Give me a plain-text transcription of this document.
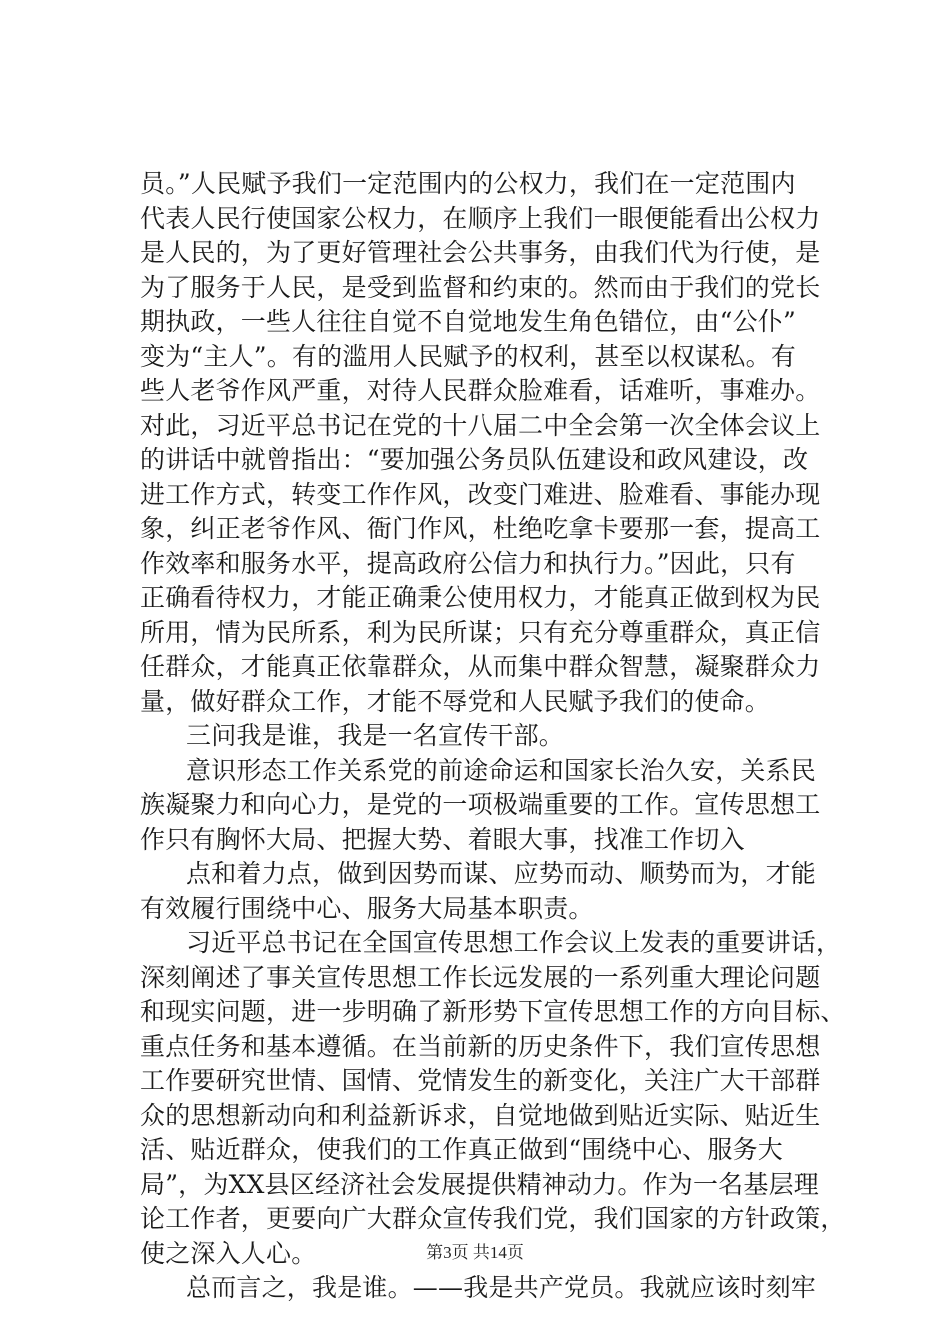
员。”人民赋予我们一定范围内的公权力，我们在一定范围内
代表人民行使国家公权力，在顺序上我们一眼便能看出公权力
是人民的，为了更好管理社会公共事务，由我们代为行使，是
为了服务于人民，是受到监督和约束的。然而由于我们的党长
期执政，一些人往往自觉不自觉地发生角色错位，由“公仆”
变为“主人”。有的滥用人民赋予的权利，甚至以权谋私。有
些人老爷作风严重，对待人民群众脸难看，话难听，事难办。
对此，习近平总书记在党的十八届二中全会第一次全体会议上
的讲话中就曾指出：“要加强公务员队伍建设和政风建设，改
进工作方式，转变工作作风，改变门难进、脸难看、事能办现
象，纠正老爷作风、衙门作风，杜绝吃拿卡要那一套，提高工
作效率和服务水平，提高政府公信力和执行力。”因此，只有
正确看待权力，才能正确秉公使用权力，才能真正做到权为民
所用，情为民所系，利为民所谋；只有充分尊重群众，真正信
任群众，才能真正依靠群众，从而集中群众智慧，凝聚群众力
量，做好群众工作，才能不辱党和人民赋予我们的使命。
三问我是谁，我是一名宣传干部。
意识形态工作关系党的前途命运和国家长治久安，关系民
族凝聚力和向心力，是党的一项极端重要的工作。宣传思想工
作只有胸怀大局、把握大势、着眼大事，找准工作切入
点和着力点，做到因势而谋、应势而动、顺势而为，才能
有效履行围绕中心、服务大局基本职责。
习近平总书记在全国宣传思想工作会议上发表的重要讲话，
深刻阐述了事关宣传思想工作长远发展的一系列重大理论问题
和现实问题，进一步明确了新形势下宣传思想工作的方向目标、
重点任务和基本遵循。在当前新的历史条件下，我们宣传思想
工作要研究世情、国情、党情发生的新变化，关注广大干部群
众的思想新动向和利益新诉求，自觉地做到贴近实际、贴近生
活、贴近群众，使我们的工作真正做到“围绕中心、服务大
局”，为XX县区经济社会发展提供精神动力。作为一名基层理
论工作者，更要向广大群众宣传我们党，我们国家的方针政策，
使之深入人心。
总而言之，我是谁。——我是共产党员。我就应该时刻牢
第3页 共14页
